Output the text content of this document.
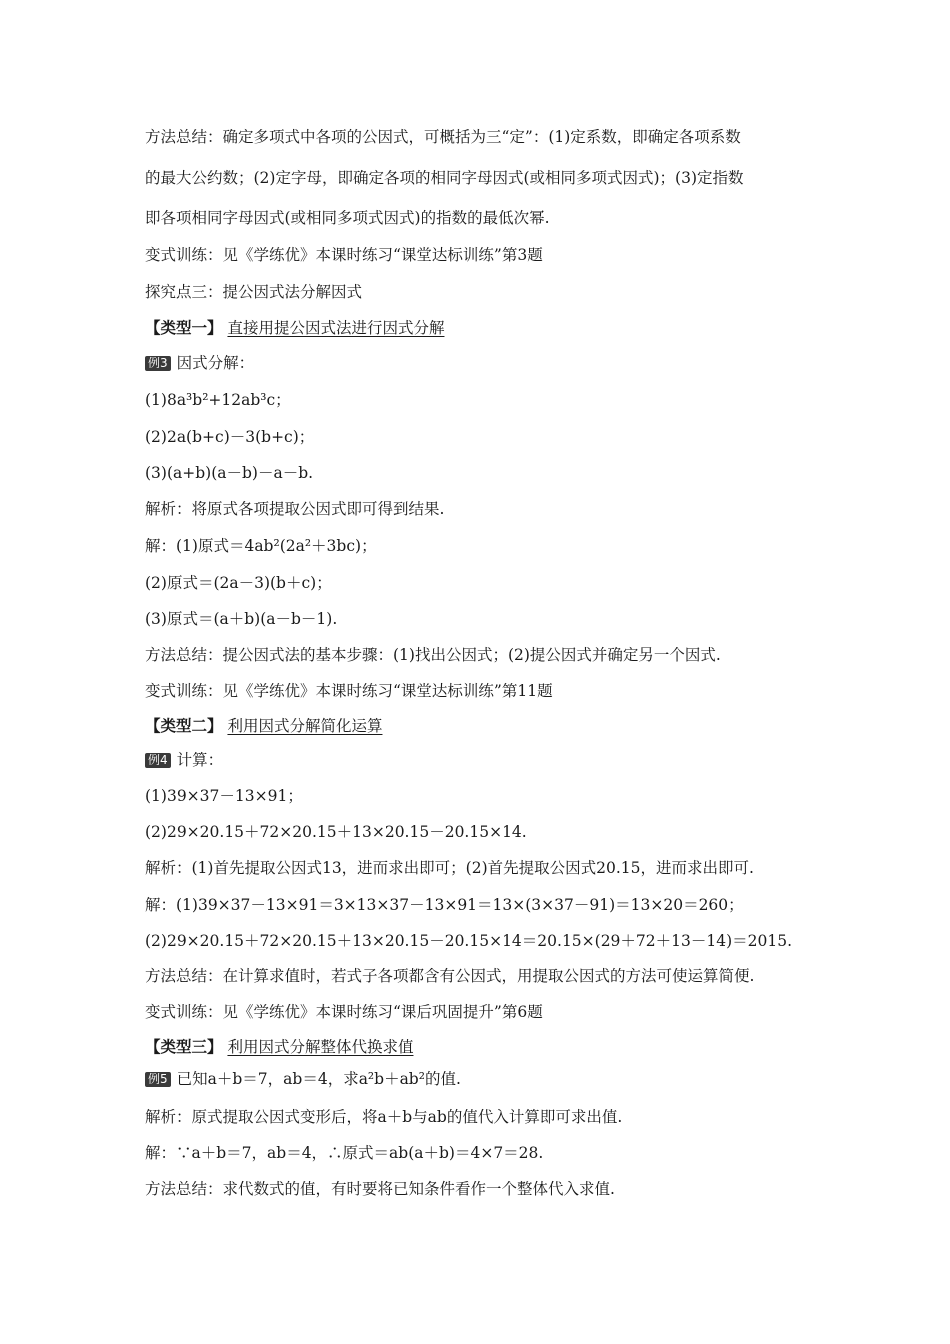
方法总结：确定多项式中各项的公因式，可概括为三“定”：(1)定系数，即确定各项系数
的最大公约数；(2)定字母，即确定各项的相同字母因式(或相同多项式因式)；(3)定指数
即各项相同字母因式(或相同多项式因式)的指数的最低次幂.
变式训练：见《学练优》本课时练习“课堂达标训练”第3题
探究点三：提公因式法分解因式
【类型一】 直接用提公因式法进行因式分解
例3 因式分解：
(1)8a³b²+12ab³c；
(2)2a(b+c)－3(b+c)；
(3)(a+b)(a－b)－a－b.
解析：将原式各项提取公因式即可得到结果.
解：(1)原式＝4ab²(2a²＋3bc)；
(2)原式＝(2a－3)(b＋c)；
(3)原式＝(a＋b)(a－b－1).
方法总结：提公因式法的基本步骤：(1)找出公因式；(2)提公因式并确定另一个因式.
变式训练：见《学练优》本课时练习“课堂达标训练”第11题
【类型二】 利用因式分解简化运算
例4 计算：
(1)39×37－13×91；
(2)29×20.15＋72×20.15＋13×20.15－20.15×14.
解析：(1)首先提取公因式13，进而求出即可；(2)首先提取公因式20.15，进而求出即可.
解：(1)39×37－13×91＝3×13×37－13×91＝13×(3×37－91)＝13×20＝260；
(2)29×20.15＋72×20.15＋13×20.15－20.15×14＝20.15×(29＋72＋13－14)＝2015.
方法总结：在计算求值时，若式子各项都含有公因式，用提取公因式的方法可使运算简便.
变式训练：见《学练优》本课时练习“课后巩固提升”第6题
【类型三】 利用因式分解整体代换求值
例5 已知a＋b＝7，ab＝4，求a²b＋ab²的值.
解析：原式提取公因式变形后，将a＋b与ab的值代入计算即可求出值.
解：∵a＋b＝7，ab＝4，∴原式＝ab(a＋b)＝4×7＝28.
方法总结：求代数式的值，有时要将已知条件看作一个整体代入求值.
